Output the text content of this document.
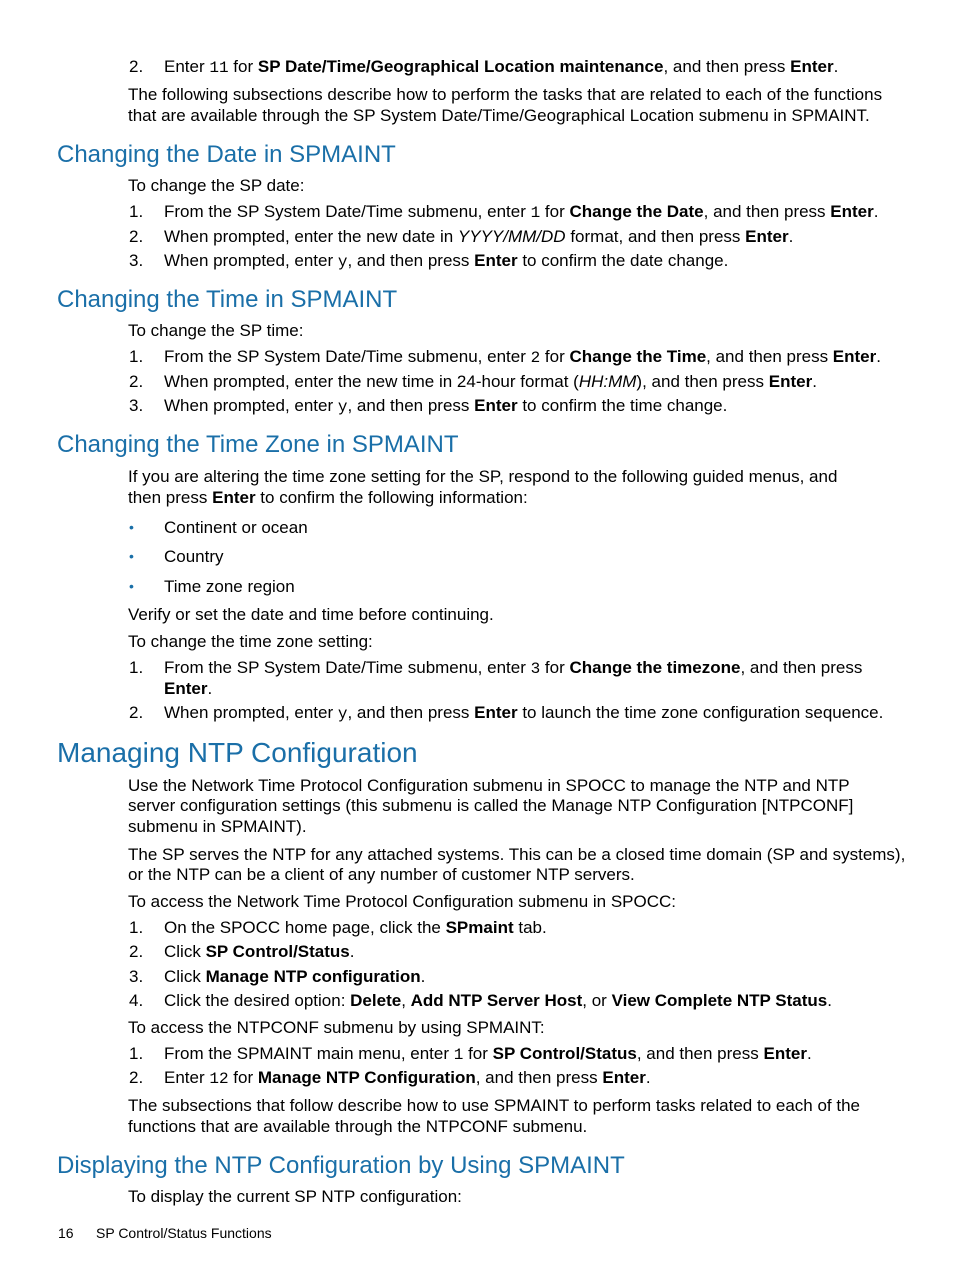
2. Enter 11 for SP Date/Time/Geographical Location maintenance, and then press Enter.
The following subsections describe how to perform the tasks that are related to each of the functions
that are available through the SP System Date/Time/Geographical Location submenu in SPMAINT.
Changing the Date in SPMAINT
To change the SP date:
1. From the SP System Date/Time submenu, enter 1 for Change the Date, and then press Enter.
2. When prompted, enter the new date in YYYY/MM/DD format, and then press Enter.
3. When prompted, enter y, and then press Enter to confirm the date change.
Changing the Time in SPMAINT
To change the SP time:
1. From the SP System Date/Time submenu, enter 2 for Change the Time, and then press Enter.
2. When prompted, enter the new time in 24-hour format (HH:MM), and then press Enter.
3. When prompted, enter y, and then press Enter to confirm the time change.
Changing the Time Zone in SPMAINT
If you are altering the time zone setting for the SP, respond to the following guided menus, and
then press Enter to confirm the following information:
• Continent or ocean
• Country
• Time zone region
Verify or set the date and time before continuing.
To change the time zone setting:
1. From the SP System Date/Time submenu, enter 3 for Change the timezone, and then press
Enter.
2. When prompted, enter y, and then press Enter to launch the time zone configuration sequence.
Managing NTP Configuration
Use the Network Time Protocol Configuration submenu in SPOCC to manage the NTP and NTP
server configuration settings (this submenu is called the Manage NTP Configuration [NTPCONF]
submenu in SPMAINT).
The SP serves the NTP for any attached systems. This can be a closed time domain (SP and systems),
or the NTP can be a client of any number of customer NTP servers.
To access the Network Time Protocol Configuration submenu in SPOCC:
1. On the SPOCC home page, click the SPmaint tab.
2. Click SP Control/Status.
3. Click Manage NTP configuration.
4. Click the desired option: Delete, Add NTP Server Host, or View Complete NTP Status.
To access the NTPCONF submenu by using SPMAINT:
1. From the SPMAINT main menu, enter 1 for SP Control/Status, and then press Enter.
2. Enter 12 for Manage NTP Configuration, and then press Enter.
The subsections that follow describe how to use SPMAINT to perform tasks related to each of the
functions that are available through the NTPCONF submenu.
Displaying the NTP Configuration by Using SPMAINT
To display the current SP NTP configuration:
16 SP Control/Status Functions
